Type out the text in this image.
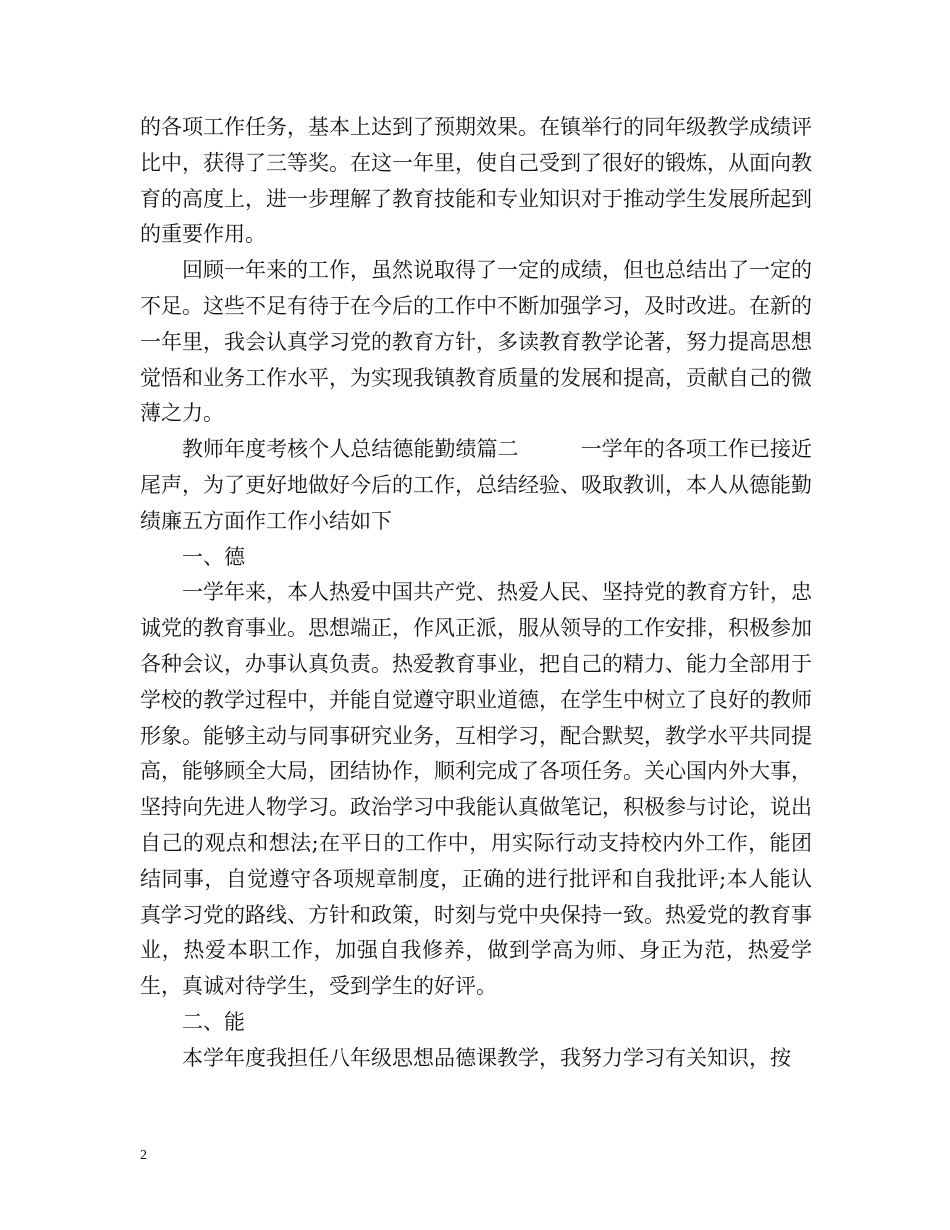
的各项工作任务，基本上达到了预期效果。在镇举行的同年级教学成绩评比中，获得了三等奖。在这一年里，使自己受到了很好的锻炼，从面向教育的高度上，进一步理解了教育技能和专业知识对于推动学生发展所起到的重要作用。

回顾一年来的工作，虽然说取得了一定的成绩，但也总结出了一定的不足。这些不足有待于在今后的工作中不断加强学习，及时改进。在新的一年里，我会认真学习党的教育方针，多读教育教学论著，努力提高思想觉悟和业务工作水平，为实现我镇教育质量的发展和提高，贡献自己的微薄之力。

教师年度考核个人总结德能勤绩篇二	一学年的各项工作已接近尾声，为了更好地做好今后的工作，总结经验、吸取教训，本人从德能勤绩廉五方面作工作小结如下

一、德

一学年来，本人热爱中国共产党、热爱人民、坚持党的教育方针，忠诚党的教育事业。思想端正，作风正派，服从领导的工作安排，积极参加各种会议，办事认真负责。热爱教育事业，把自己的精力、能力全部用于学校的教学过程中，并能自觉遵守职业道德，在学生中树立了良好的教师形象。能够主动与同事研究业务，互相学习，配合默契，教学水平共同提高，能够顾全大局，团结协作，顺利完成了各项任务。关心国内外大事，坚持向先进人物学习。政治学习中我能认真做笔记，积极参与讨论，说出自己的观点和想法;在平日的工作中，用实际行动支持校内外工作，能团结同事，自觉遵守各项规章制度，正确的进行批评和自我批评;本人能认真学习党的路线、方针和政策，时刻与党中央保持一致。热爱党的教育事业，热爱本职工作，加强自我修养，做到学高为师、身正为范，热爱学生，真诚对待学生，受到学生的好评。

二、能

本学年度我担任八年级思想品德课教学，我努力学习有关知识，按

2
